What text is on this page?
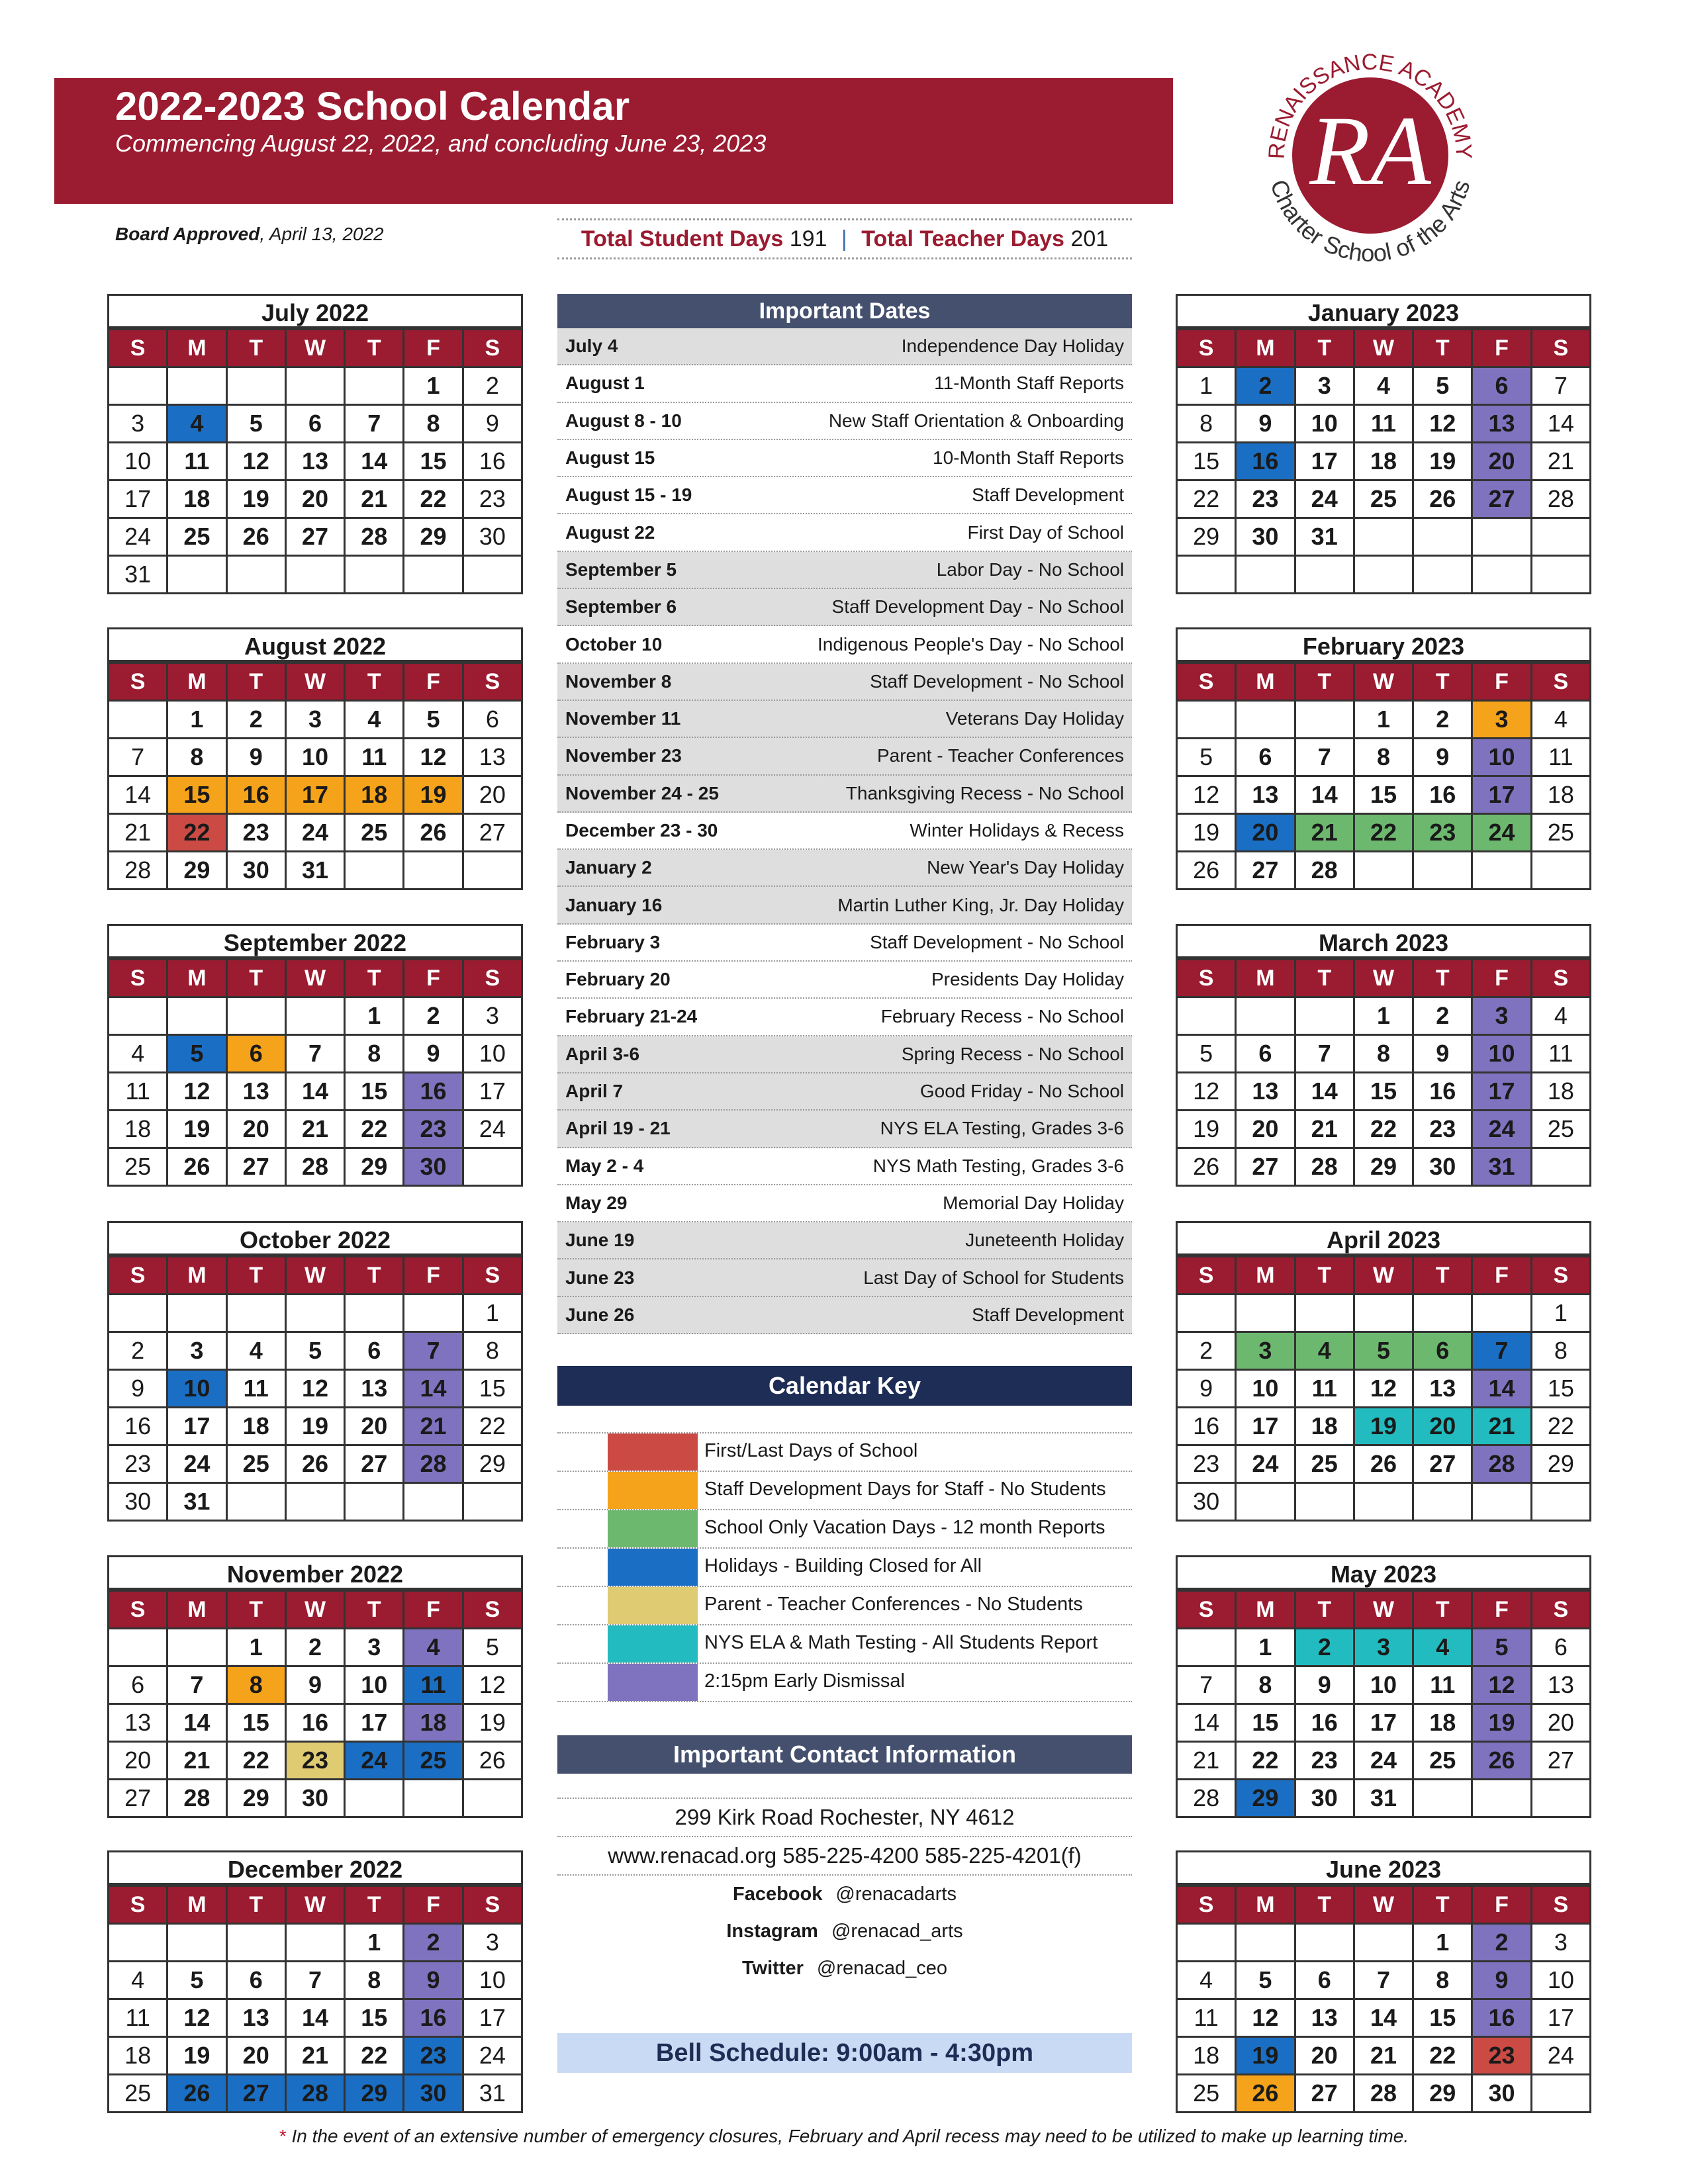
2022-2023 School Calendar
Commencing August 22, 2022, and concluding June 23, 2023
Board Approved, April 13, 2022	Total Student Days 191 | Total Teacher Days 201
RA
RENAISSANCE ACADEMY
Charter School of the Arts
July 2022
S	M	T	W	T	F	S
					1	2
3	4	5	6	7	8	9
10	11	12	13	14	15	16
17	18	19	20	21	22	23
24	25	26	27	28	29	30
31						
August 2022
S	M	T	W	T	F	S
	1	2	3	4	5	6
7	8	9	10	11	12	13
14	15	16	17	18	19	20
21	22	23	24	25	26	27
28	29	30	31			
September 2022
S	M	T	W	T	F	S
				1	2	3
4	5	6	7	8	9	10
11	12	13	14	15	16	17
18	19	20	21	22	23	24
25	26	27	28	29	30	
October 2022
S	M	T	W	T	F	S
						1
2	3	4	5	6	7	8
9	10	11	12	13	14	15
16	17	18	19	20	21	22
23	24	25	26	27	28	29
30	31					
November 2022
S	M	T	W	T	F	S
		1	2	3	4	5
6	7	8	9	10	11	12
13	14	15	16	17	18	19
20	21	22	23	24	25	26
27	28	29	30			
December 2022
S	M	T	W	T	F	S
				1	2	3
4	5	6	7	8	9	10
11	12	13	14	15	16	17
18	19	20	21	22	23	24
25	26	27	28	29	30	31
January 2023
S	M	T	W	T	F	S
1	2	3	4	5	6	7
8	9	10	11	12	13	14
15	16	17	18	19	20	21
22	23	24	25	26	27	28
29	30	31				

February 2023
S	M	T	W	T	F	S
			1	2	3	4
5	6	7	8	9	10	11
12	13	14	15	16	17	18
19	20	21	22	23	24	25
26	27	28				
March 2023
S	M	T	W	T	F	S
			1	2	3	4
5	6	7	8	9	10	11
12	13	14	15	16	17	18
19	20	21	22	23	24	25
26	27	28	29	30	31	
April 2023
S	M	T	W	T	F	S
						1
2	3	4	5	6	7	8
9	10	11	12	13	14	15
16	17	18	19	20	21	22
23	24	25	26	27	28	29
30						
May 2023
S	M	T	W	T	F	S
	1	2	3	4	5	6
7	8	9	10	11	12	13
14	15	16	17	18	19	20
21	22	23	24	25	26	27
28	29	30	31			
June 2023
S	M	T	W	T	F	S
				1	2	3
4	5	6	7	8	9	10
11	12	13	14	15	16	17
18	19	20	21	22	23	24
25	26	27	28	29	30	
Important Dates
July 4	Independence Day Holiday
August 1	11-Month Staff Reports
August 8 - 10	New Staff Orientation & Onboarding
August 15	10-Month Staff Reports
August 15 - 19	Staff Development
August 22	First Day of School
September 5	Labor Day - No School
September 6	Staff Development Day - No School
October 10	Indigenous People's Day - No School
November 8	Staff Development - No School
November 11	Veterans Day Holiday
November 23	Parent - Teacher Conferences
November 24 - 25	Thanksgiving Recess - No School
December 23 - 30	Winter Holidays & Recess
January 2	New Year's Day Holiday
January 16	Martin Luther King, Jr. Day Holiday
February 3	Staff Development - No School
February 20	Presidents Day Holiday
February 21-24	February Recess - No School
April 3-6	Spring Recess - No School
April 7	Good Friday - No School
April 19 - 21	NYS ELA Testing, Grades 3-6
May 2 - 4	NYS Math Testing, Grades 3-6
May 29	Memorial Day Holiday
June 19	Juneteenth Holiday
June 23	Last Day of School for Students
June 26	Staff Development
Calendar Key
First/Last Days of School
Staff Development Days for Staff - No Students
School Only Vacation Days - 12 month Reports
Holidays - Building Closed for All
Parent - Teacher Conferences - No Students
NYS ELA & Math Testing - All Students Report
2:15pm Early Dismissal
Important Contact Information
299 Kirk Road Rochester, NY 4612
www.renacad.org 585-225-4200 585-225-4201(f)
Facebook @renacadarts
Instagram @renacad_arts
Twitter @renacad_ceo
Bell Schedule: 9:00am - 4:30pm
* In the event of an extensive number of emergency closures, February and April recess may need to be utilized to make up learning time.
